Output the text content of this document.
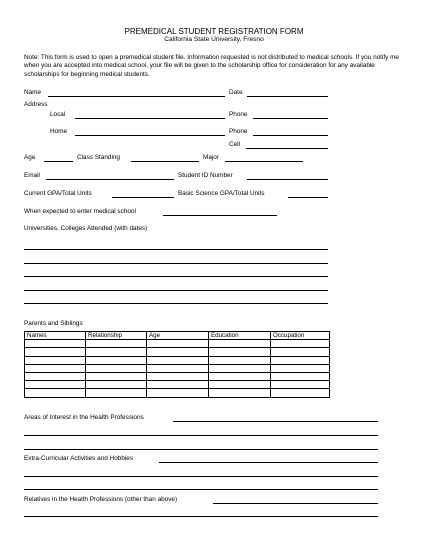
PREMEDICAL STUDENT REGISTRATION FORM
California State University, Fresno
Note: This form is used to open a premedical student file. Information requested is not distributed to medical schools. If you notify me when you are accepted into medical school, your file will be given to the scholarship office for consideration for any available scholarships for beginning medical students.
Name	Date
Address
Local	Phone
Home	Phone
Cell
Age	Class Standing	Major
Email	Student ID Number
Current GPA/Total Units	Basic Science GPA/Total Units
When expected to enter medical school
Universities, Colleges Attended (with dates)
Parents and Siblings
Names	Relationship	Age	Education	Occupation

Areas of Interest in the Health Professions
Extra-Curricular Activities and Hobbies
Relatives in the Health Professions (other than above)
